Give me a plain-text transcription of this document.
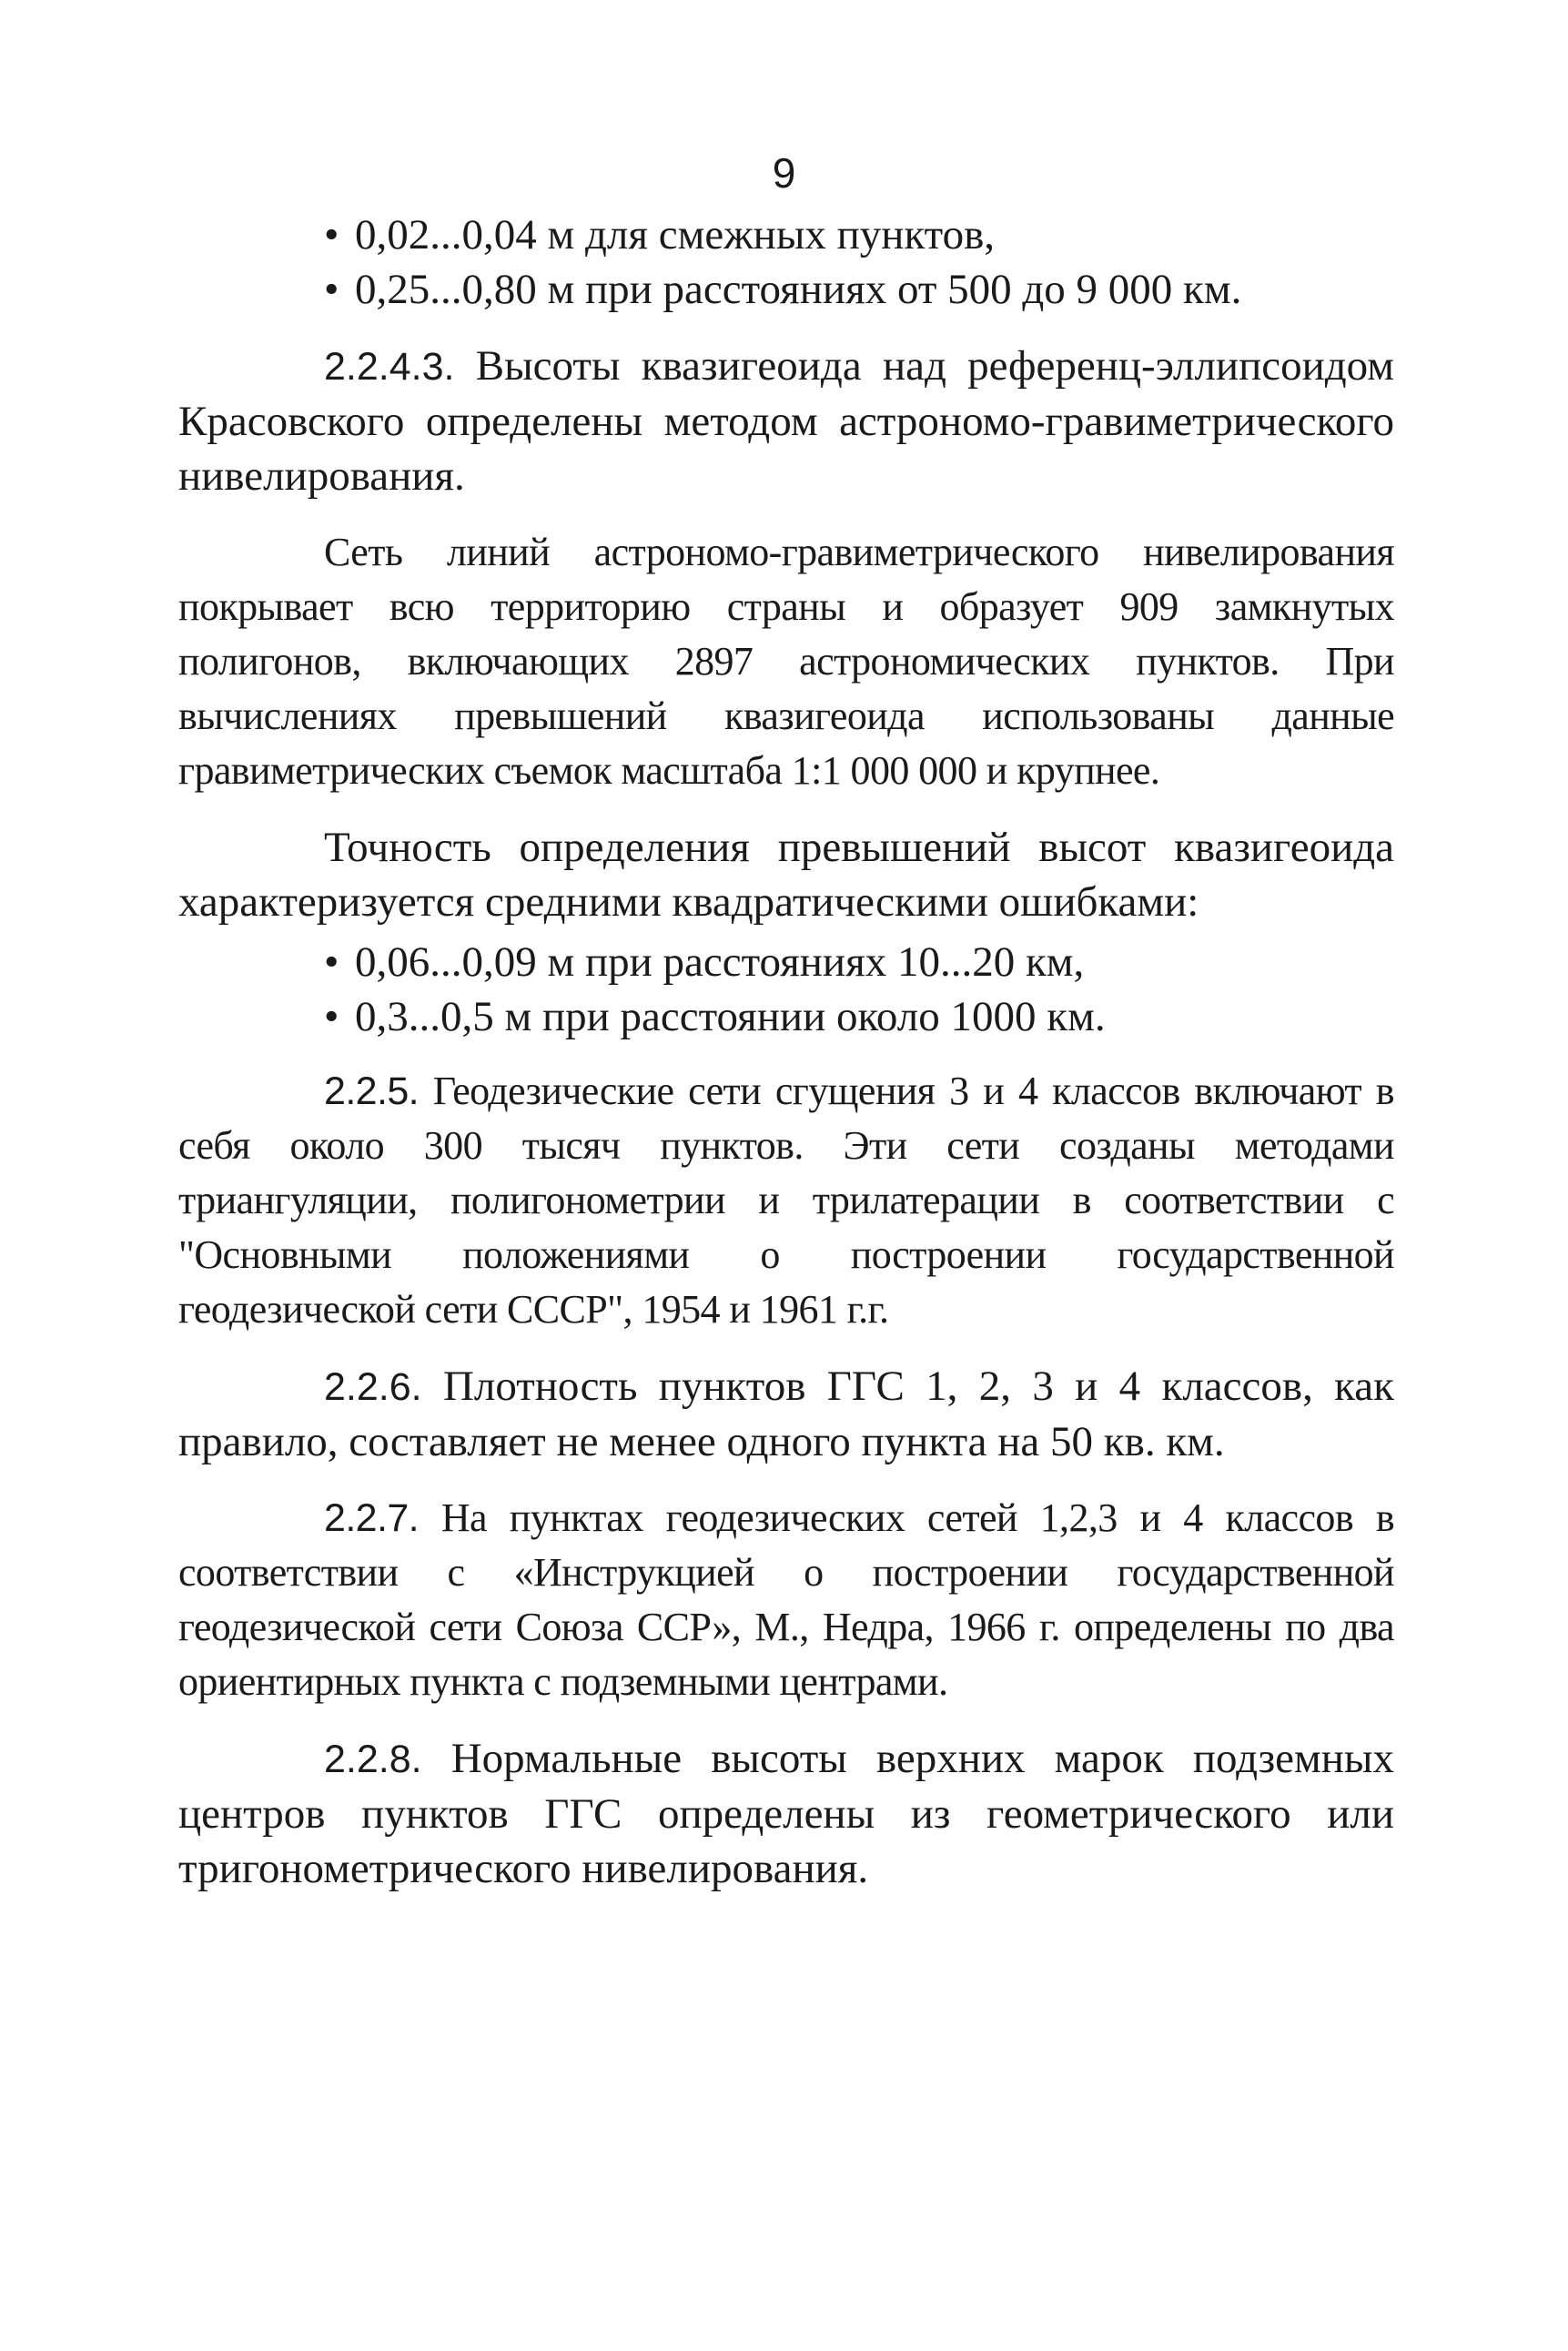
9
• 0,02...0,04 м для смежных пунктов,
• 0,25...0,80 м при расстояниях от 500 до 9 000 км.

2.2.4.3. Высоты квазигеоида над референц-эллипсоидом Красовского определены методом астрономо-гравиметрического нивелирования.

Сеть линий астрономо-гравиметрического нивелирования покрывает всю территорию страны и образует 909 замкнутых полигонов, включающих 2897 астрономических пунктов. При вычислениях превышений квазигеоида использованы данные гравиметрических съемок масштаба 1:1 000 000 и крупнее.

Точность определения превышений высот квазигеоида характеризуется средними квадратическими ошибками:

• 0,06...0,09 м при расстояниях 10...20 км,
• 0,3...0,5 м при расстоянии около 1000 км.

2.2.5. Геодезические сети сгущения 3 и 4 классов включают в себя около 300 тысяч пунктов. Эти сети созданы методами триангуляции, полигонометрии и трилатерации в соответствии с "Основными положениями о построении государственной геодезической сети СССР", 1954 и 1961 г.г.

2.2.6. Плотность пунктов ГГС 1, 2, 3 и 4 классов, как правило, составляет не менее одного пункта на 50 кв. км.

2.2.7. На пунктах геодезических сетей 1,2,3 и 4 классов в соответствии с «Инструкцией о построении государственной геодезической сети Союза ССР», М., Недра, 1966 г. определены по два ориентирных пункта с подземными центрами.

2.2.8. Нормальные высоты верхних марок подземных центров пунктов ГГС определены из геометрического или тригонометрического нивелирования.
